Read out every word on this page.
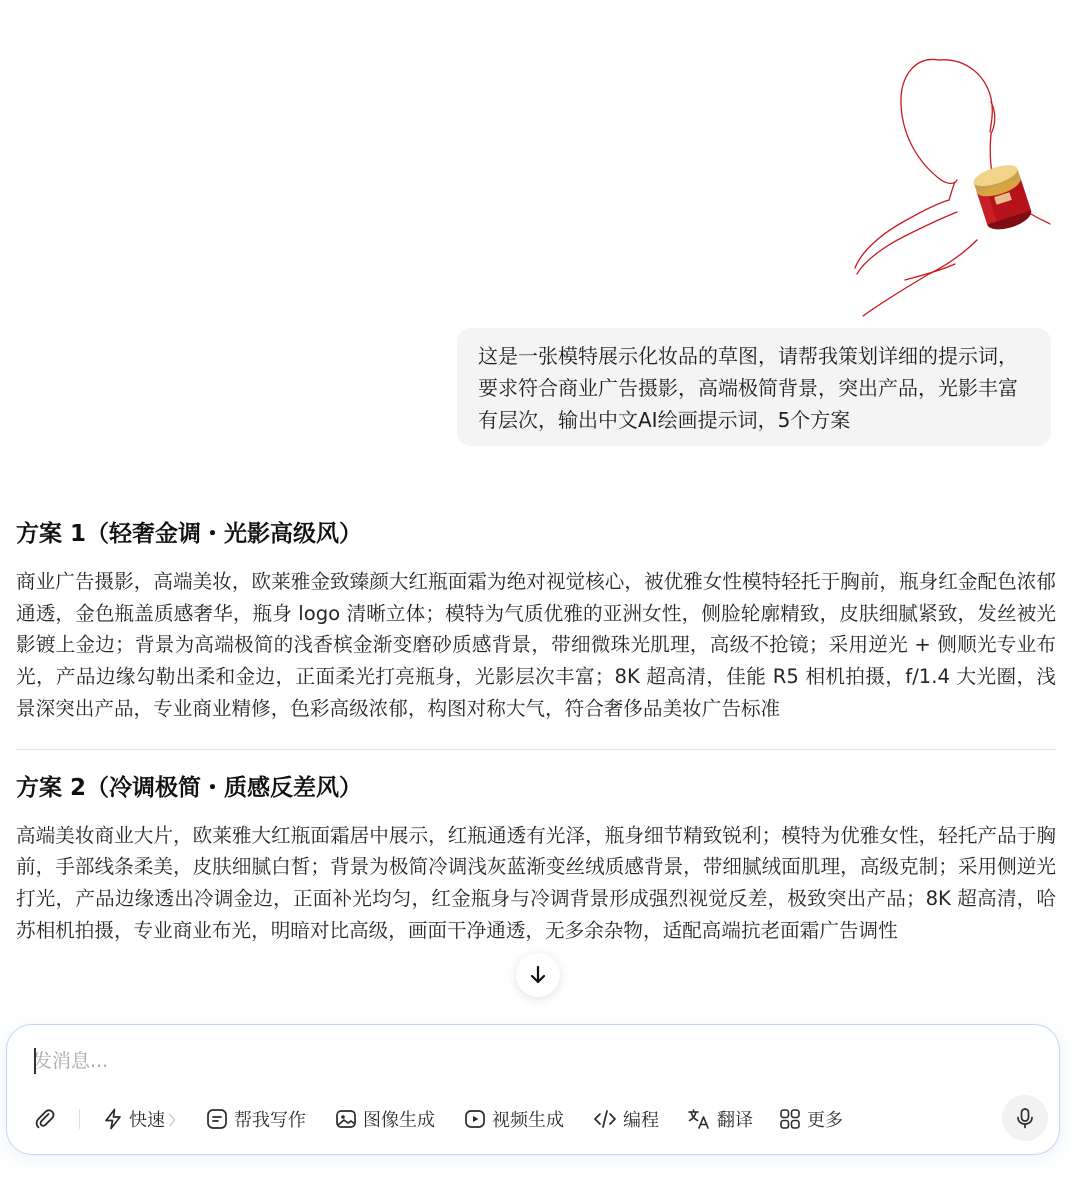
这是一张模特展示化妆品的草图，请帮我策划详细的提示词，要求符合商业广告摄影，高端极简背景，突出产品，光影丰富有层次，输出中文AI绘画提示词，5个方案
方案 1（轻奢金调・光影高级风）

商业广告摄影，高端美妆，欧莱雅金致臻颜大红瓶面霜为绝对视觉核心，被优雅女性模特轻托于胸前，瓶身红金配色浓郁通透，金色瓶盖质感奢华，瓶身 logo 清晰立体；模特为气质优雅的亚洲女性，侧脸轮廓精致，皮肤细腻紧致，发丝被光影镀上金边；背景为高端极简的浅香槟金渐变磨砂质感背景，带细微珠光肌理，高级不抢镜；采用逆光 + 侧顺光专业布光，产品边缘勾勒出柔和金边，正面柔光打亮瓶身，光影层次丰富；8K 超高清，佳能 R5 相机拍摄，f/1.4 大光圈，浅景深突出产品，专业商业精修，色彩高级浓郁，构图对称大气，符合奢侈品美妆广告标准

方案 2（冷调极简・质感反差风）

高端美妆商业大片，欧莱雅大红瓶面霜居中展示，红瓶通透有光泽，瓶身细节精致锐利；模特为优雅女性，轻托产品于胸前，手部线条柔美，皮肤细腻白皙；背景为极简冷调浅灰蓝渐变丝绒质感背景，带细腻绒面肌理，高级克制；采用侧逆光打光，产品边缘透出冷调金边，正面补光均匀，红金瓶身与冷调背景形成强烈视觉反差，极致突出产品；8K 超高清，哈苏相机拍摄，专业商业布光，明暗对比高级，画面干净通透，无多余杂物，适配高端抗老面霜广告调性

发消息...
快速 〉	帮我写作	图像生成	视频生成	编程	翻译	更多
